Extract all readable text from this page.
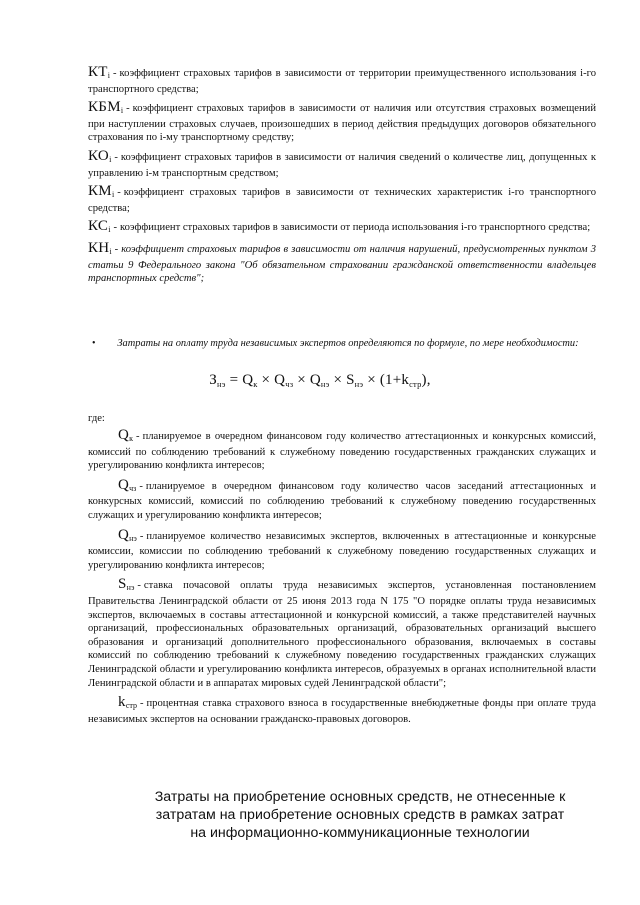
$КТ_i$ - коэффициент страховых тарифов в зависимости от территории преимущественного использования i-го транспортного средства;

$КБМ_i$ - коэффициент страховых тарифов в зависимости от наличия или отсутствия страховых возмещений при наступлении страховых случаев, произошедших в период действия предыдущих договоров обязательного страхования по i-му транспортному средству;

$КО_i$ - коэффициент страховых тарифов в зависимости от наличия сведений о количестве лиц, допущенных к управлению i-м транспортным средством;

$КМ_i$ - коэффициент страховых тарифов в зависимости от технических характеристик i-го транспортного средства;

$КС_i$ - коэффициент страховых тарифов в зависимости от периода использования i-го транспортного средства;

$КН_i$ - коэффициент страховых тарифов в зависимости от наличия нарушений, предусмотренных пунктом 3 статьи 9 Федерального закона "Об обязательном страховании гражданской ответственности владельцев транспортных средств";

• Затраты на оплату труда независимых экспертов определяются по формуле, по мере необходимости:
$З_{нэ} = Q_к \times Q_{чз} \times Q_{нэ} \times S_{нэ} \times (1+k_{стр})$,
где:

$Q_к$ - планируемое в очередном финансовом году количество аттестационных и конкурсных комиссий, комиссий по соблюдению требований к служебному поведению государственных гражданских служащих и урегулированию конфликта интересов;

$Q_{чз}$ - планируемое в очередном финансовом году количество часов заседаний аттестационных и конкурсных комиссий, комиссий по соблюдению требований к служебному поведению государственных служащих и урегулированию конфликта интересов;

$Q_{нэ}$ - планируемое количество независимых экспертов, включенных в аттестационные и конкурсные комиссии, комиссии по соблюдению требований к служебному поведению государственных служащих и урегулированию конфликта интересов;

$S_{нэ}$ - ставка почасовой оплаты труда независимых экспертов, установленная постановлением Правительства Ленинградской области от 25 июня 2013 года N 175 "О порядке оплаты труда независимых экспертов, включаемых в составы аттестационной и конкурсной комиссий, а также представителей научных организаций, профессиональных образовательных организаций, образовательных организаций высшего образования и организаций дополнительного профессионального образования, включаемых в составы комиссий по соблюдению требований к служебному поведению государственных гражданских служащих Ленинградской области и урегулированию конфликта интересов, образуемых в органах исполнительной власти Ленинградской области и в аппаратах мировых судей Ленинградской области";

$k_{стр}$ - процентная ставка страхового взноса в государственные внебюджетные фонды при оплате труда независимых экспертов на основании гражданско-правовых договоров.

Затраты на приобретение основных средств, не отнесенные к затратам на приобретение основных средств в рамках затрат на информационно-коммуникационные технологии
